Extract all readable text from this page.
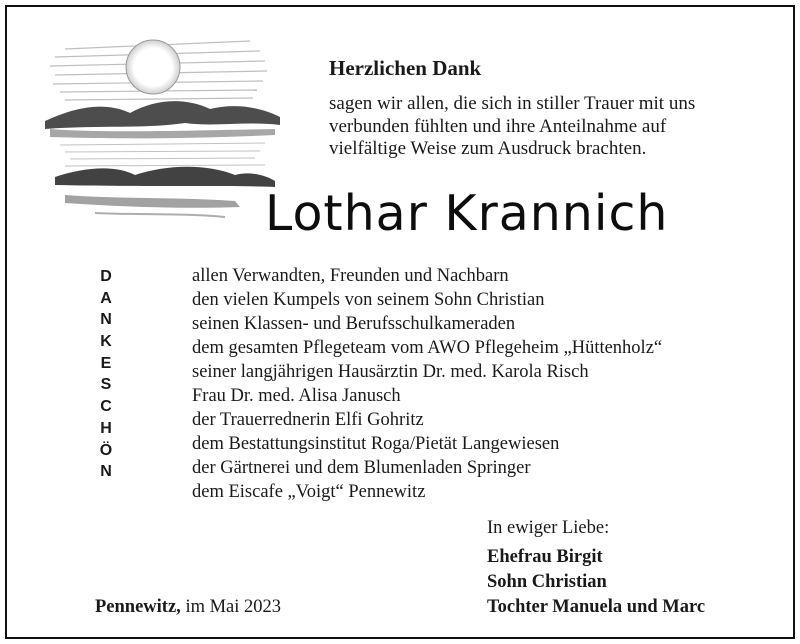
Herzlichen Dank
sagen wir allen, die sich in stiller Trauer mit uns
verbunden fühlten und ihre Anteilnahme auf
vielfältige Weise zum Ausdruck brachten.
Lothar Krannich
D
A
N
K
E
S
C
H
Ö
N
allen Verwandten, Freunden und Nachbarn
den vielen Kumpels von seinem Sohn Christian
seinen Klassen- und Berufsschulkameraden
dem gesamten Pflegeteam vom AWO Pflegeheim „Hüttenholz“
seiner langjährigen Hausärztin Dr. med. Karola Risch
Frau Dr. med. Alisa Janusch
der Trauerrednerin Elfi Gohritz
dem Bestattungsinstitut Roga/Pietät Langewiesen
der Gärtnerei und dem Blumenladen Springer
dem Eiscafe „Voigt“ Pennewitz
In ewiger Liebe:
Ehefrau Birgit
Sohn Christian
Tochter Manuela und Marc
Pennewitz, im Mai 2023
